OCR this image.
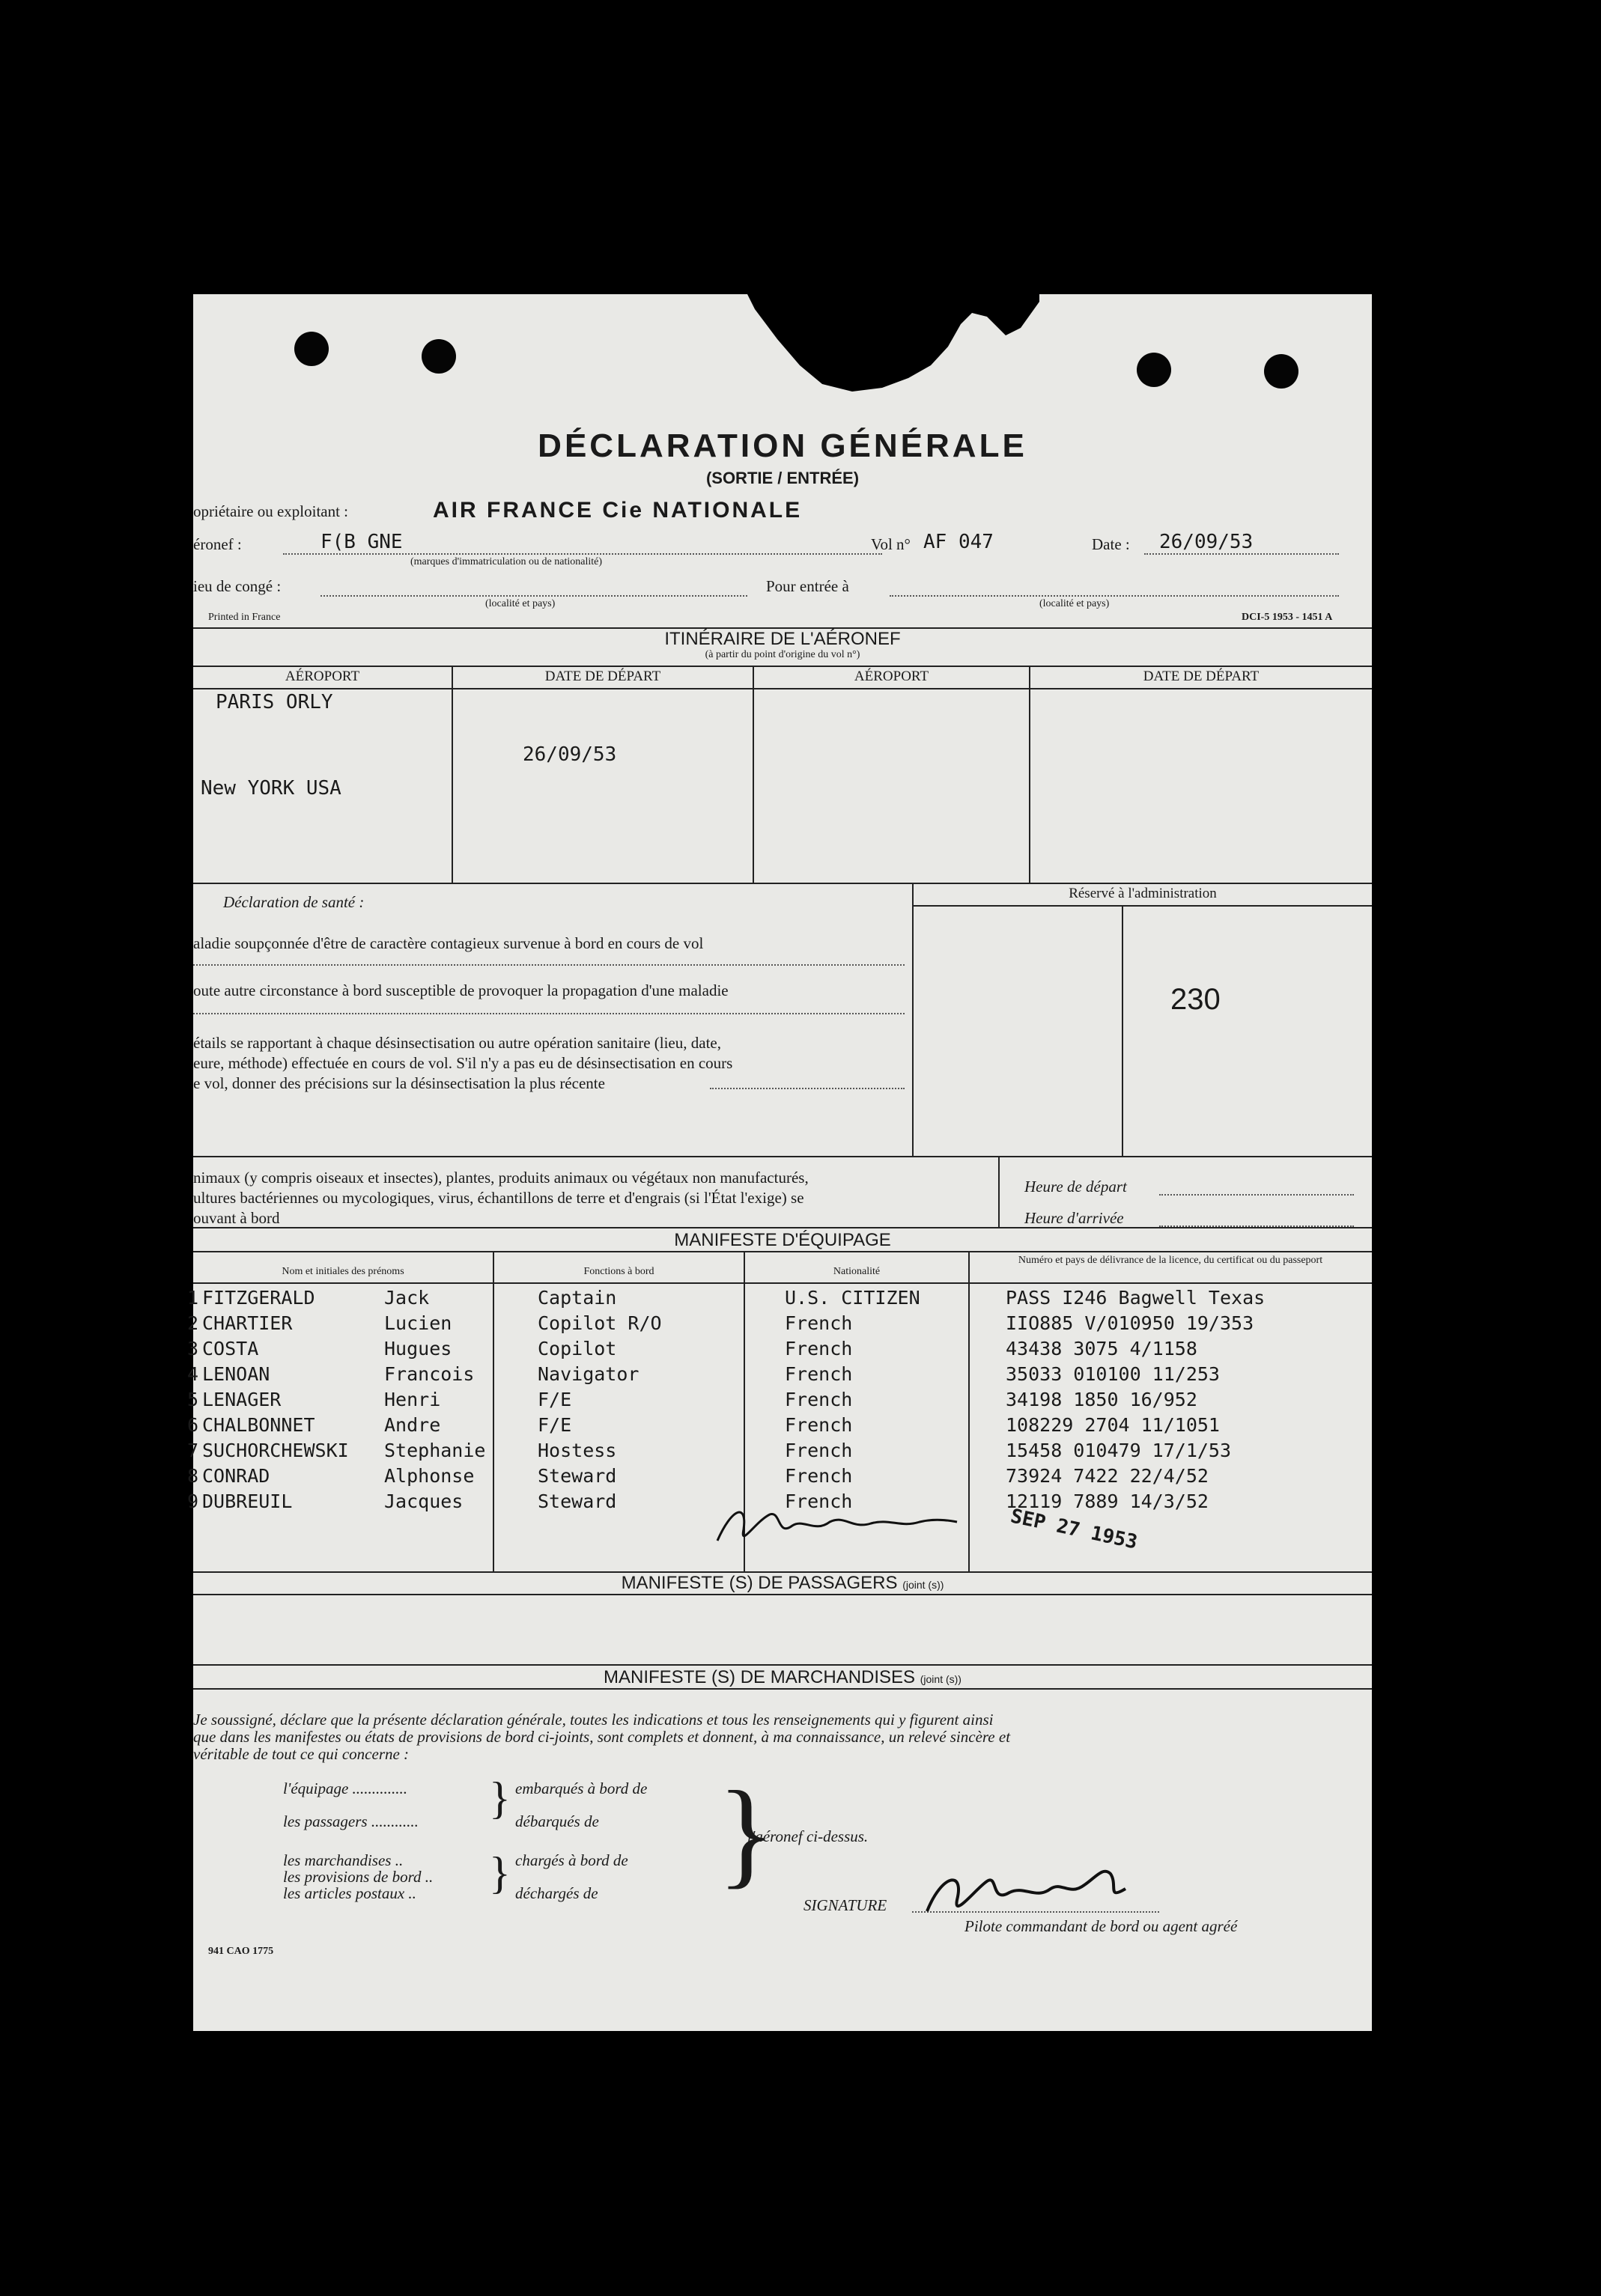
DÉCLARATION GÉNÉRALE
(SORTIE / ENTRÉE)
opriétaire ou exploitant :	AIR FRANCE Cie NATIONALE
éronef :	F(B GNE
(marques d'immatriculation ou de nationalité)
Vol n° AF 047	Date : 26/09/53
ieu de congé :
(localité et pays)
Pour entrée à
(localité et pays)
Printed in France	DCI-5 1953 - 1451 A
ITINÉRAIRE DE L'AÉRONEF
(à partir du point d'origine du vol n°)
AÉROPORT	DATE DE DÉPART	AÉROPORT	DATE DE DÉPART
PARIS ORLY
26/09/53
New YORK USA
Déclaration de santé :
aladie soupçonnée d'être de caractère contagieux survenue à bord en cours de vol
oute autre circonstance à bord susceptible de provoquer la propagation d'une maladie
étails se rapportant à chaque désinsectisation ou autre opération sanitaire (lieu, date,
eure, méthode) effectuée en cours de vol. S'il n'y a pas eu de désinsectisation en cours
e vol, donner des précisions sur la désinsectisation la plus récente
Réservé à l'administration
230
nimaux (y compris oiseaux et insectes), plantes, produits animaux ou végétaux non manufacturés,
ultures bactériennes ou mycologiques, virus, échantillons de terre et d'engrais (si l'État l'exige) se
ouvant à bord
Heure de départ
Heure d'arrivée
MANIFESTE D'ÉQUIPAGE
Nom et initiales des prénoms	Fonctions à bord	Nationalité
Numéro et pays de délivrance de la licence, du certificat ou du passeport
1 FITZGERALD	Jack	Captain	U.S. CITIZEN	PASS I246 Bagwell Texas
2 CHARTIER	Lucien	Copilot R/O	French	IIO885 V/010950 19/353
3 COSTA	Hugues	Copilot	French	43438 3075 4/1158
4 LENOAN	Francois	Navigator	French	35033 010100 11/253
5 LENAGER	Henri	F/E	French	34198 1850 16/952
6 CHALBONNET	Andre	F/E	French	108229 2704 11/1051
7 SUCHORCHEWSKI Stephanie	Hostess	French	15458 010479 17/1/53
8 CONRAD	Alphonse	Steward	French	73924 7422 22/4/52
9 DUBREUIL	Jacques	Steward	French	12119 7889 14/3/52
SEP 27 1953
MANIFESTE (S) DE PASSAGERS (joint (s))
MANIFESTE (S) DE MARCHANDISES (joint (s))
Je soussigné, déclare que la présente déclaration générale, toutes les indications et tous les renseignements qui y figurent ainsi
que dans les manifestes ou états de provisions de bord ci-joints, sont complets et donnent, à ma connaissance, un relevé sincère et
véritable de tout ce qui concerne :
l'équipage ..............
les passagers ............
les marchandises ..
les provisions de bord ..
les articles postaux ..
}
}
embarqués à bord de
débarqués de
chargés à bord de
déchargés de }
l'aéronef ci-dessus.
SIGNATURE
Pilote commandant de bord ou agent agréé
941 CAO 1775
